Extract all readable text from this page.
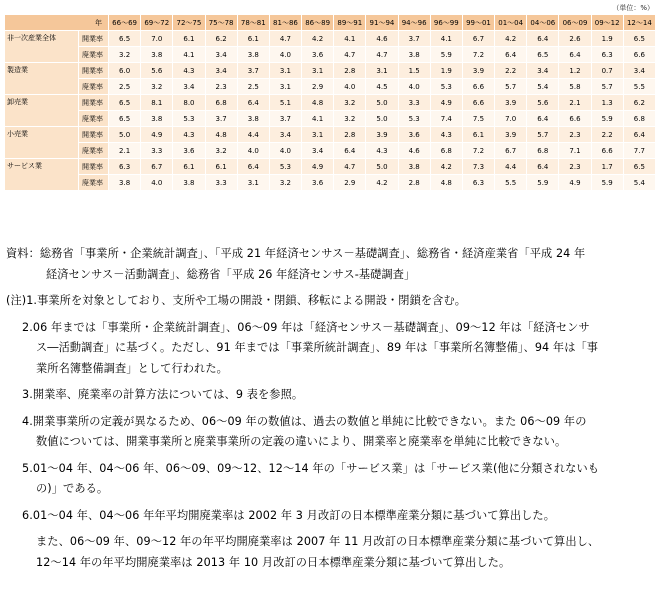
（単位：%）
年		66～69	69～72	72～75	75～78	78～81	81～86	86～89	89～91	91～94	94～96	96～99	99～01	01～04	04～06	06～09	09～12	12～14
非一次産業全体	開業率	6.5	7.0	6.1	6.2	6.1	4.7	4.2	4.1	4.6	3.7	4.1	6.7	4.2	6.4	2.6	1.9	6.5
	廃業率	3.2	3.8	4.1	3.4	3.8	4.0	3.6	4.7	4.7	3.8	5.9	7.2	6.4	6.5	6.4	6.3	6.6
製造業	開業率	6.0	5.6	4.3	3.4	3.7	3.1	3.1	2.8	3.1	1.5	1.9	3.9	2.2	3.4	1.2	0.7	3.4
	廃業率	2.5	3.2	3.4	2.3	2.5	3.1	2.9	4.0	4.5	4.0	5.3	6.6	5.7	5.4	5.8	5.7	5.5
卸売業	開業率	6.5	8.1	8.0	6.8	6.4	5.1	4.8	3.2	5.0	3.3	4.9	6.6	3.9	5.6	2.1	1.3	6.2
	廃業率	6.5	3.8	5.3	3.7	3.8	3.7	4.1	3.2	5.0	5.3	7.4	7.5	7.0	6.4	6.6	5.9	6.8
小売業	開業率	5.0	4.9	4.3	4.8	4.4	3.4	3.1	2.8	3.9	3.6	4.3	6.1	3.9	5.7	2.3	2.2	6.4
	廃業率	2.1	3.3	3.6	3.2	4.0	4.0	3.4	6.4	4.3	4.6	6.8	7.2	6.7	6.8	7.1	6.6	7.7
サービス業	開業率	6.3	6.7	6.1	6.1	6.4	5.3	4.9	4.7	5.0	3.8	4.2	7.3	4.4	6.4	2.3	1.7	6.5
	廃業率	3.8	4.0	3.8	3.3	3.1	3.2	3.6	2.9	4.2	2.8	4.8	6.3	5.5	5.9	4.9	5.9	5.4

資料：総務省「事業所・企業統計調査」、「平成 21 年経済センサス－基礎調査」、総務省・経済産業省「平成 24 年

経済センサス－活動調査」、総務省「平成 26 年経済センサス-基礎調査」

(注)1.事業所を対象としており、支所や工場の開設・閉鎖、移転による開設・閉鎖を含む。

2.06 年までは「事業所・企業統計調査」、06～09 年は「経済センサス－基礎調査」、09～12 年は「経済センサ

ス―活動調査」に基づく。ただし、91 年までは「事業所統計調査」、89 年は「事業所名簿整備」、94 年は「事

業所名簿整備調査」として行われた。

3.開業率、廃業率の計算方法については、9 表を参照。

4.開業事業所の定義が異なるため、06～09 年の数値は、過去の数値と単純に比較できない。また 06～09 年の

数値については、開業事業所と廃業事業所の定義の違いにより、開業率と廃業率を単純に比較できない。

5.01～04 年、04～06 年、06～09、09～12、12～14 年の「サービス業」は「サービス業(他に分類されないも

の)」である。

6.01～04 年、04～06 年年平均開廃業率は 2002 年 3 月改訂の日本標準産業分類に基づいて算出した。

また、06～09 年、09～12 年の年平均開廃業率は 2007 年 11 月改訂の日本標準産業分類に基づいて算出し、

12～14 年の年平均開廃業率は 2013 年 10 月改訂の日本標準産業分類に基づいて算出した。
